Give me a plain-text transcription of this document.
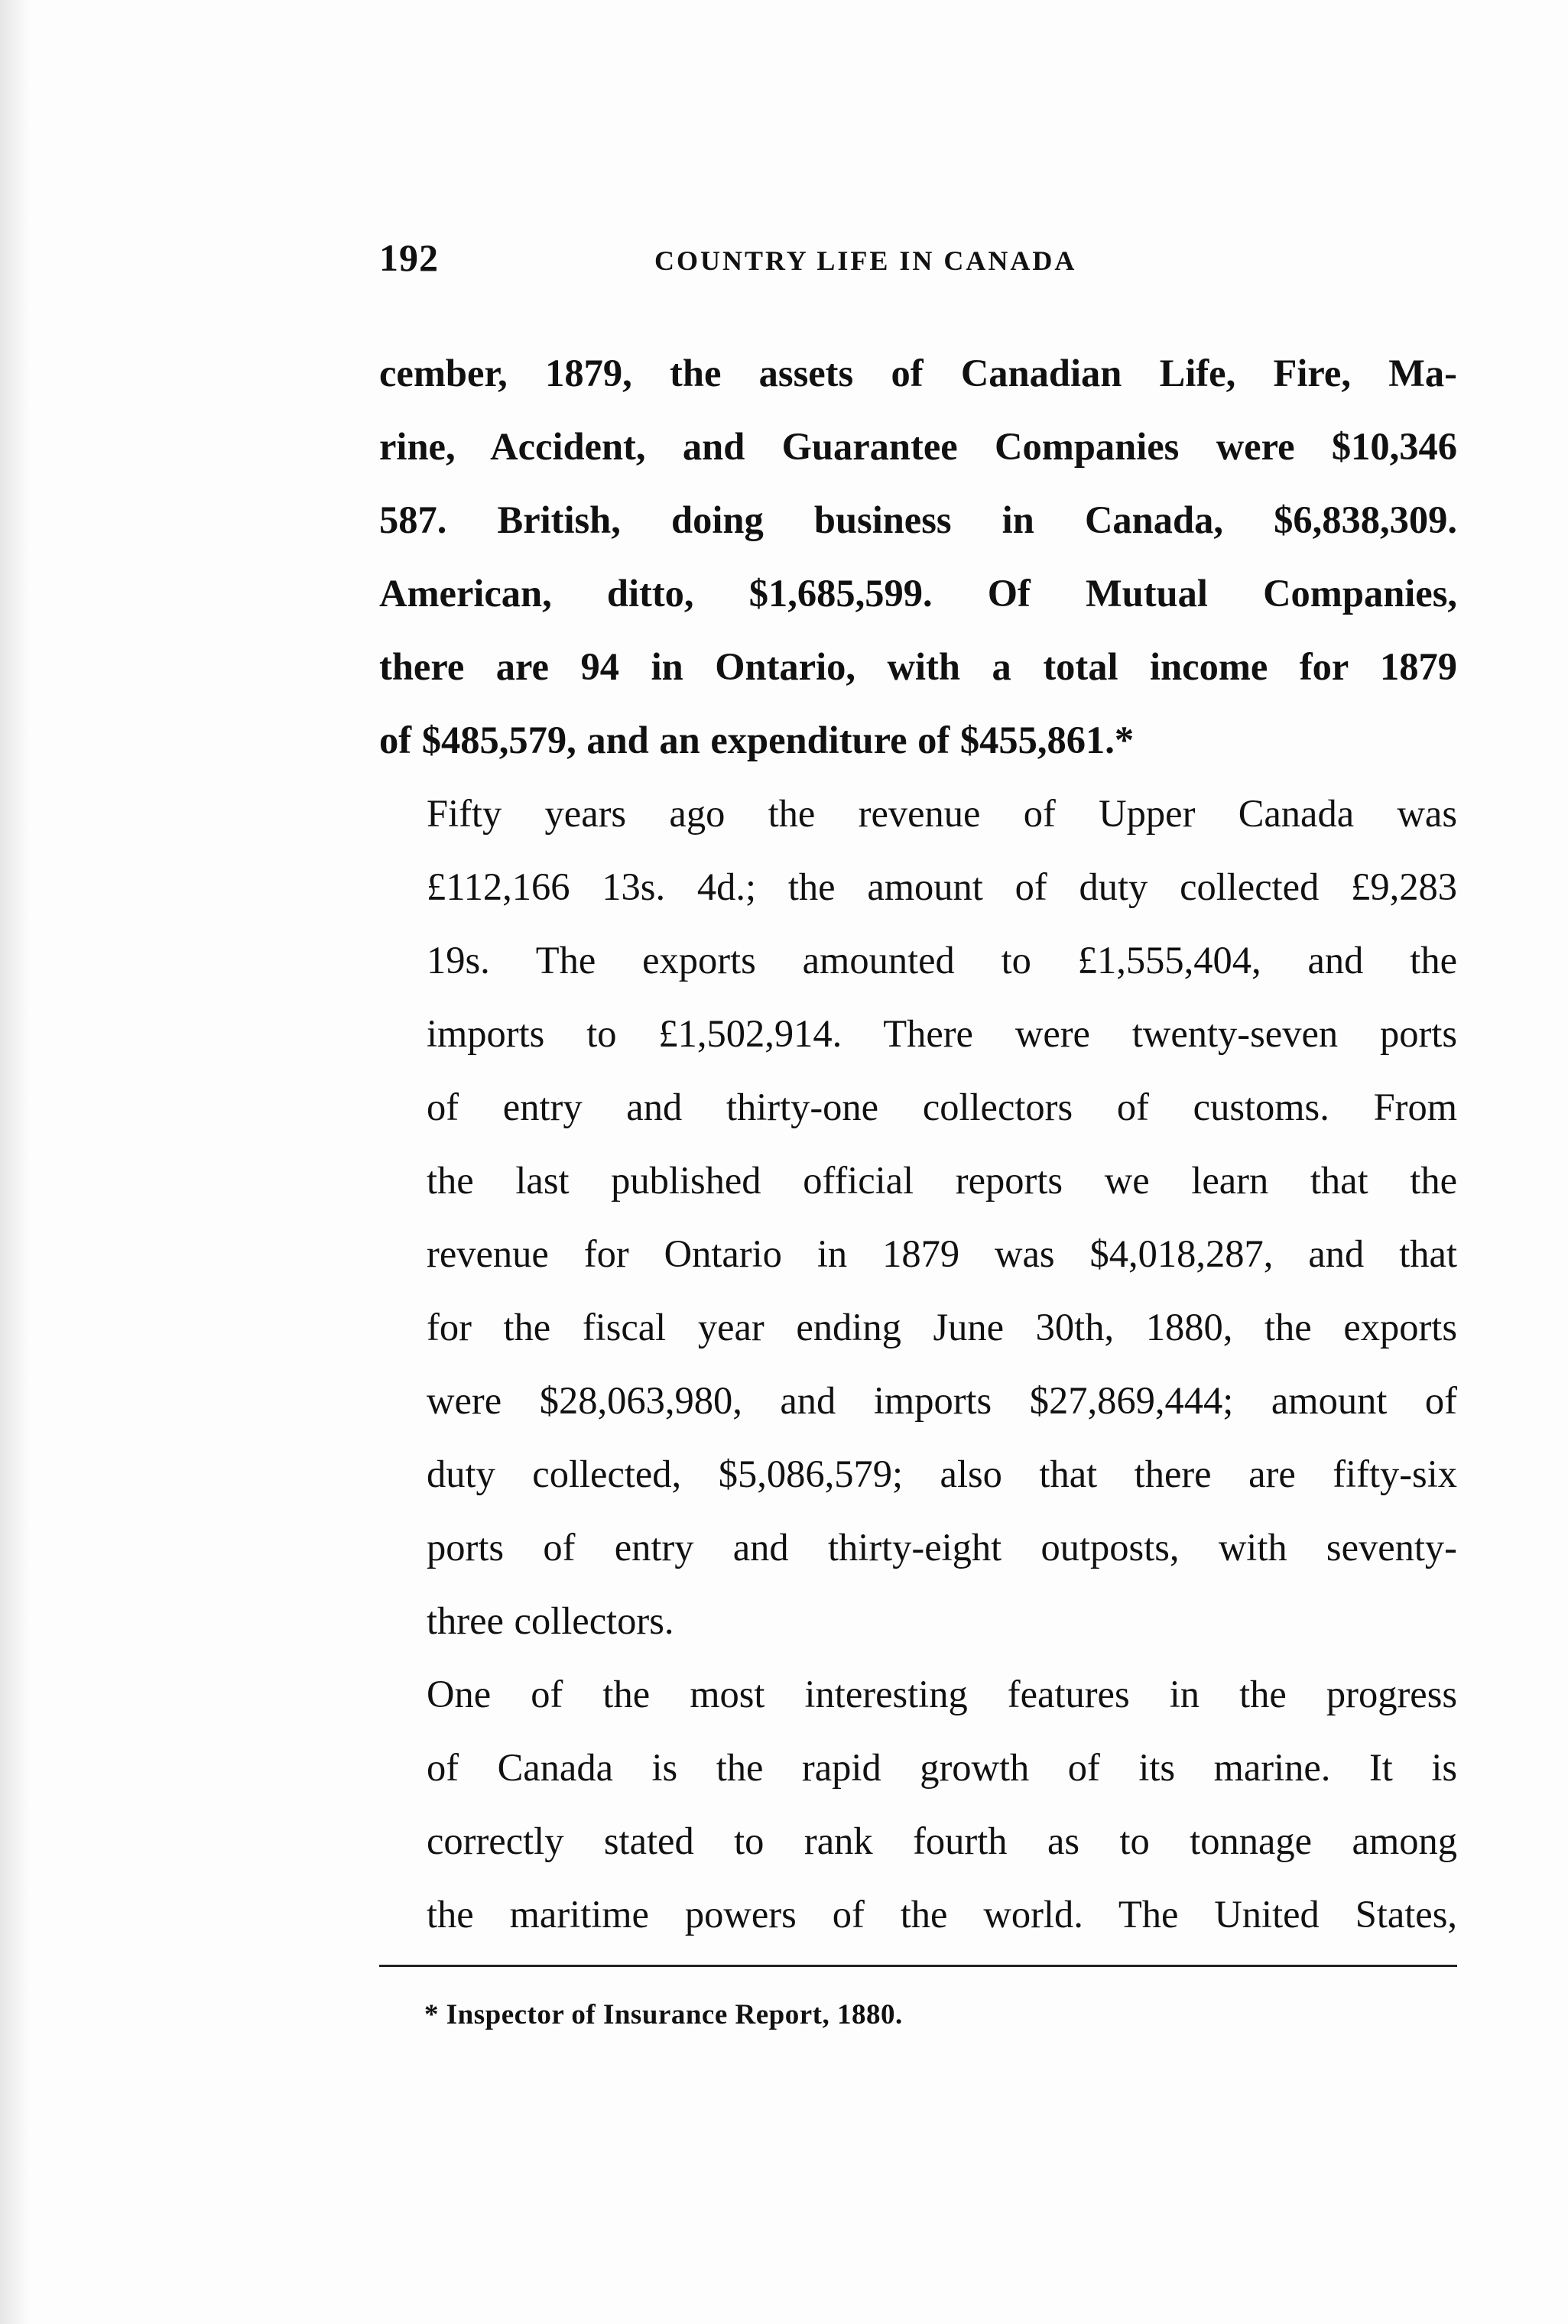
192	COUNTRY LIFE IN CANADA

cember, 1879, the assets of Canadian Life, Fire, Ma-
rine, Accident, and Guarantee Companies were $10,346
587. British, doing business in Canada, $6,838,309.
American, ditto, $1,685,599. Of Mutual Companies,
there are 94 in Ontario, with a total income for 1879
of $485,579, and an expenditure of $455,861.*

Fifty years ago the revenue of Upper Canada was
£112,166 13s. 4d.; the amount of duty collected £9,283
19s. The exports amounted to £1,555,404, and the
imports to £1,502,914. There were twenty-seven ports
of entry and thirty-one collectors of customs. From
the last published official reports we learn that the
revenue for Ontario in 1879 was $4,018,287, and that
for the fiscal year ending June 30th, 1880, the exports
were $28,063,980, and imports $27,869,444; amount of
duty collected, $5,086,579; also that there are fifty-six
ports of entry and thirty-eight outposts, with seventy-
three collectors.

One of the most interesting features in the progress
of Canada is the rapid growth of its marine. It is
correctly stated to rank fourth as to tonnage among
the maritime powers of the world. The United States,

* Inspector of Insurance Report, 1880.
